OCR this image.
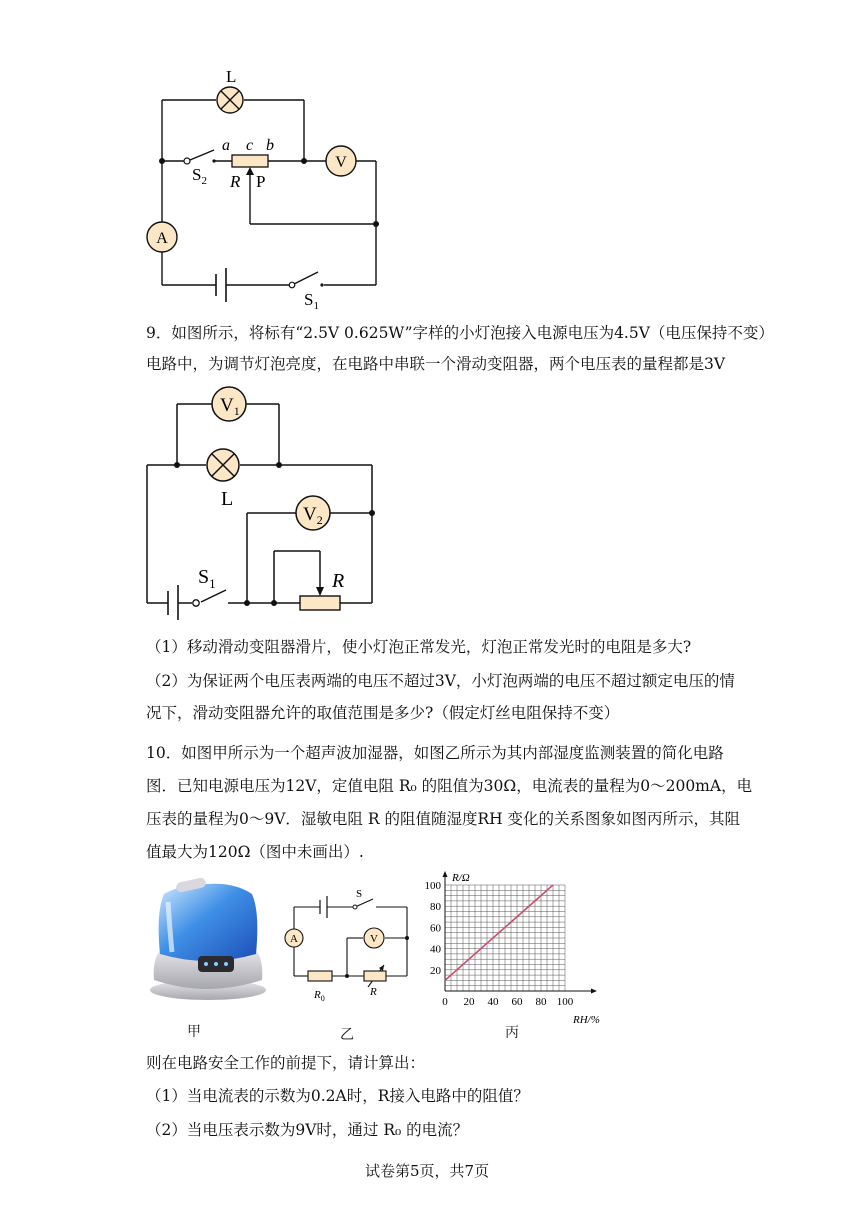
L
$S_2$
a c b
R P
V
A
$S_1$
9．如图所示，将标有“2.5V 0.625W”字样的小灯泡接入电源电压为4.5V（电压保持不变）
电路中，为调节灯泡亮度，在电路中串联一个滑动变阻器，两个电压表的量程都是3V
$S_1$
$V_1$
L
$V_2$
R
（1）移动滑动变阻器滑片，使小灯泡正常发光，灯泡正常发光时的电阻是多大?
（2）为保证两个电压表两端的电压不超过3V，小灯泡两端的电压不超过额定电压的情
况下，滑动变阻器允许的取值范围是多少?（假定灯丝电阻保持不变）
10．如图甲所示为一个超声波加湿器，如图乙所示为其内部湿度监测装置的简化电路
图．已知电源电压为12V，定值电阻 R₀ 的阻值为30Ω，电流表的量程为0～200mA，电
压表的量程为0～9V．湿敏电阻 R 的阻值随湿度RH 变化的关系图象如图丙所示，其阻
值最大为120Ω（图中未画出）.
S
A	V
$R_0$
R
0 20 40 60 80 100
20
40
60
80
100
R/Ω
RH/%
甲	乙	丙
则在电路安全工作的前提下，请计算出：
（1）当电流表的示数为0.2A时，R接入电路中的阻值？
（2）当电压表示数为9V时，通过 R₀ 的电流？
试卷第5页，共7页
